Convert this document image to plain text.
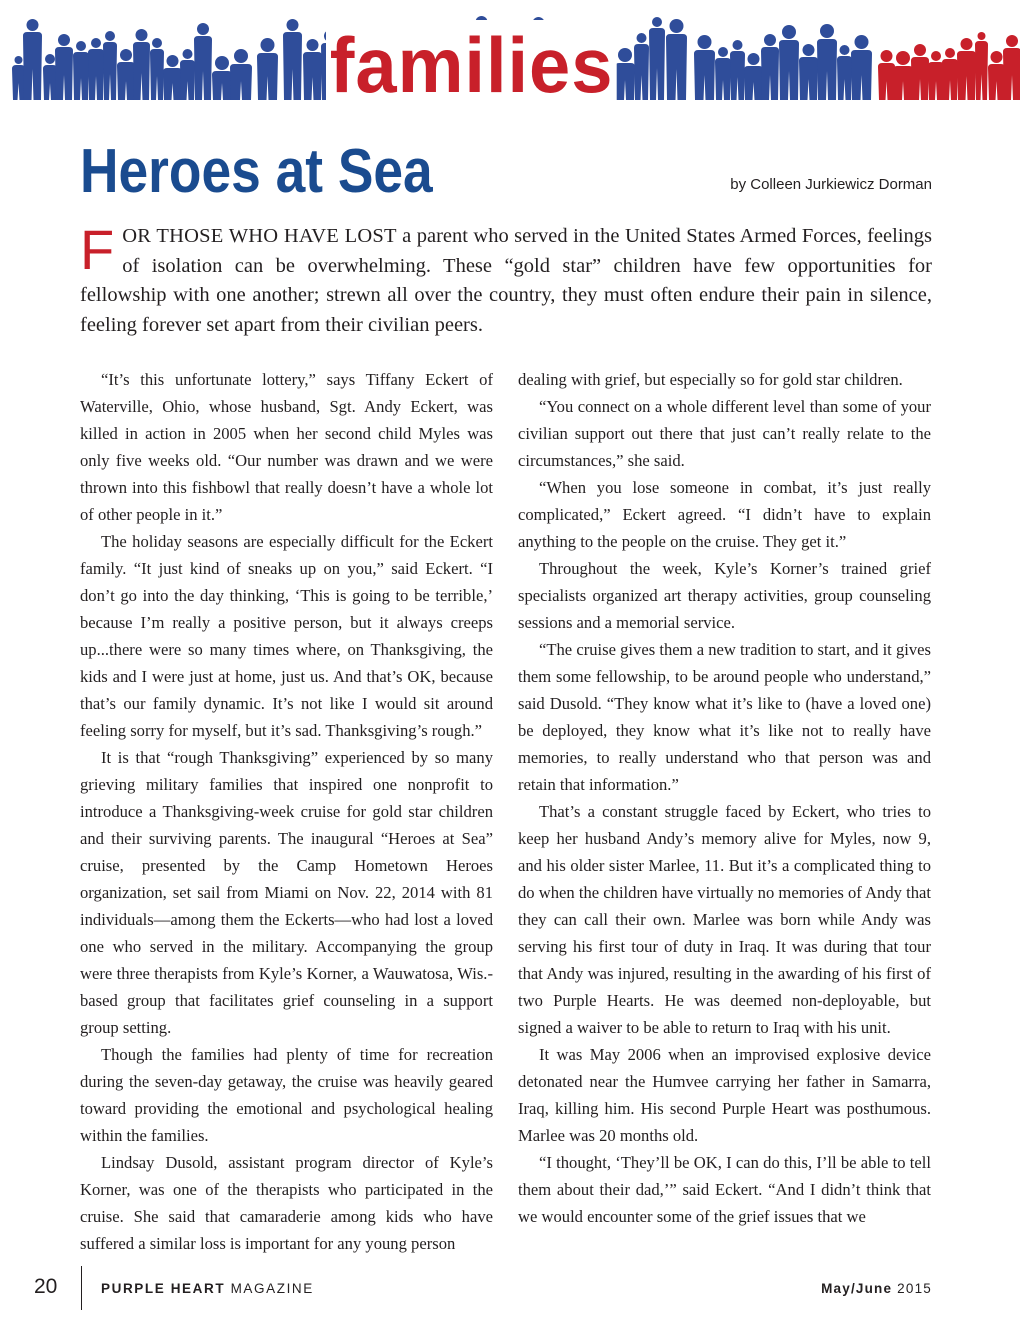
families
Heroes at Sea	by Colleen Jurkiewicz Dorman

FOR THOSE WHO HAVE LOST a parent who served in the United States Armed Forces, feelings of isolation can be overwhelming. These “gold star” children have few opportunities for fellowship with one another; strewn all over the country, they must often endure their pain in silence, feeling forever set apart from their civilian peers.

“It’s this unfortunate lottery,” says Tiffany Eckert of Waterville, Ohio, whose husband, Sgt. Andy Eckert, was killed in action in 2005 when her second child Myles was only five weeks old. “Our number was drawn and we were thrown into this fishbowl that really doesn’t have a whole lot of other people in it.”

The holiday seasons are especially difficult for the Eckert family. “It just kind of sneaks up on you,” said Eckert. “I don’t go into the day thinking, ‘This is going to be terrible,’ because I’m really a positive person, but it always creeps up...there were so many times where, on Thanksgiving, the kids and I were just at home, just us. And that’s OK, because that’s our family dynamic. It’s not like I would sit around feeling sorry for myself, but it’s sad. Thanksgiving’s rough.”

It is that “rough Thanksgiving” experienced by so many grieving military families that inspired one nonprofit to introduce a Thanksgiving-week cruise for gold star children and their surviving parents. The inaugural “Heroes at Sea” cruise, presented by the Camp Hometown Heroes organization, set sail from Miami on Nov. 22, 2014 with 81 individuals—among them the Eckerts—who had lost a loved one who served in the military. Accompanying the group were three therapists from Kyle’s Korner, a Wauwatosa, Wis.-based group that facilitates grief counseling in a support group setting.

Though the families had plenty of time for recreation during the seven-day getaway, the cruise was heavily geared toward providing the emotional and psychological healing within the families.

Lindsay Dusold, assistant program director of Kyle’s Korner, was one of the therapists who participated in the cruise. She said that camaraderie among kids who have suffered a similar loss is important for any young person

dealing with grief, but especially so for gold star children.

“You connect on a whole different level than some of your civilian support out there that just can’t really relate to the circumstances,” she said.

“When you lose someone in combat, it’s just really complicated,” Eckert agreed. “I didn’t have to explain anything to the people on the cruise. They get it.”

Throughout the week, Kyle’s Korner’s trained grief specialists organized art therapy activities, group counseling sessions and a memorial service.

“The cruise gives them a new tradition to start, and it gives them some fellowship, to be around people who understand,” said Dusold. “They know what it’s like to (have a loved one) be deployed, they know what it’s like not to really have memories, to really understand who that person was and retain that information.”

That’s a constant struggle faced by Eckert, who tries to keep her husband Andy’s memory alive for Myles, now 9, and his older sister Marlee, 11. But it’s a complicated thing to do when the children have virtually no memories of Andy that they can call their own. Marlee was born while Andy was serving his first tour of duty in Iraq. It was during that tour that Andy was injured, resulting in the awarding of his first of two Purple Hearts. He was deemed non-deployable, but signed a waiver to be able to return to Iraq with his unit.

It was May 2006 when an improvised explosive device detonated near the Humvee carrying her father in Samarra, Iraq, killing him. His second Purple Heart was posthumous. Marlee was 20 months old.

“I thought, ‘They’ll be OK, I can do this, I’ll be able to tell them about their dad,’” said Eckert. “And I didn’t think that we would encounter some of the grief issues that we

20	PURPLE HEART MAGAZINE	May/June 2015
